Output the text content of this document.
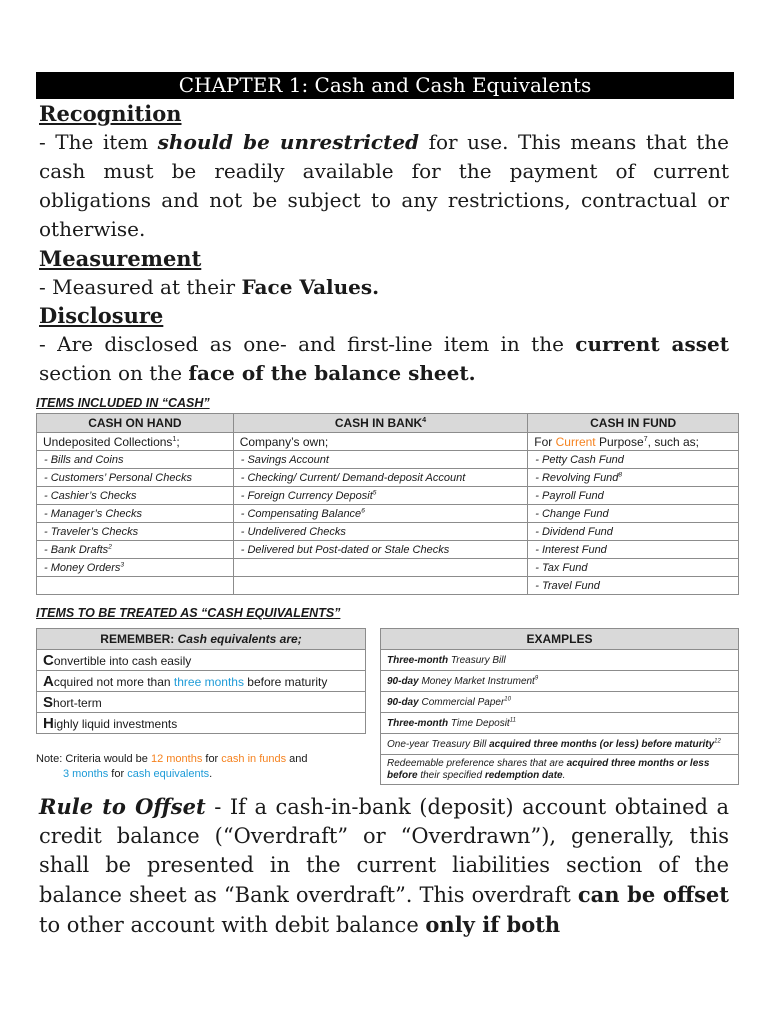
CHAPTER 1: Cash and Cash Equivalents
Recognition
- The item should be unrestricted for use. This means that the cash must be readily available for the payment of current obligations and not be subject to any restrictions, contractual or otherwise.
Measurement
- Measured at their Face Values.
Disclosure
- Are disclosed as one- and first-line item in the current asset section on the face of the balance sheet.
ITEMS INCLUDED IN “CASH”
CASH ON HAND	CASH IN BANK$^4$	CASH IN FUND
Undeposited Collections$^1$;	Company’s own;	For Current Purpose$^7$, such as;
- Bills and Coins	- Savings Account	- Petty Cash Fund
- Customers’ Personal Checks	- Checking/ Current/ Demand-deposit Account	- Revolving Fund$^8$
- Cashier’s Checks	- Foreign Currency Deposit$^5$	- Payroll Fund
- Manager’s Checks	- Compensating Balance$^6$	- Change Fund
- Traveler’s Checks	- Undelivered Checks	- Dividend Fund
- Bank Drafts$^2$	- Delivered but Post-dated or Stale Checks	- Interest Fund
- Money Orders$^3$		- Tax Fund
		- Travel Fund
ITEMS TO BE TREATED AS “CASH EQUIVALENTS”
REMEMBER: Cash equivalents are;
Convertible into cash easily
Acquired not more than three months before maturity
Short-term
Highly liquid investments
EXAMPLES
Three-month Treasury Bill
90-day Money Market Instrument$^9$
90-day Commercial Paper$^{10}$
Three-month Time Deposit$^{11}$
One-year Treasury Bill acquired three months (or less) before maturity$^{12}$
Redeemable preference shares that are acquired three months or less before their specified redemption date.
Note: Criteria would be 12 months for cash in funds and
3 months for cash equivalents.
Rule to Offset - If a cash-in-bank (deposit) account obtained a credit balance (“Overdraft” or “Overdrawn”), generally, this shall be presented in the current liabilities section of the balance sheet as “Bank overdraft”. This overdraft can be offset to other account with debit balance only if both
